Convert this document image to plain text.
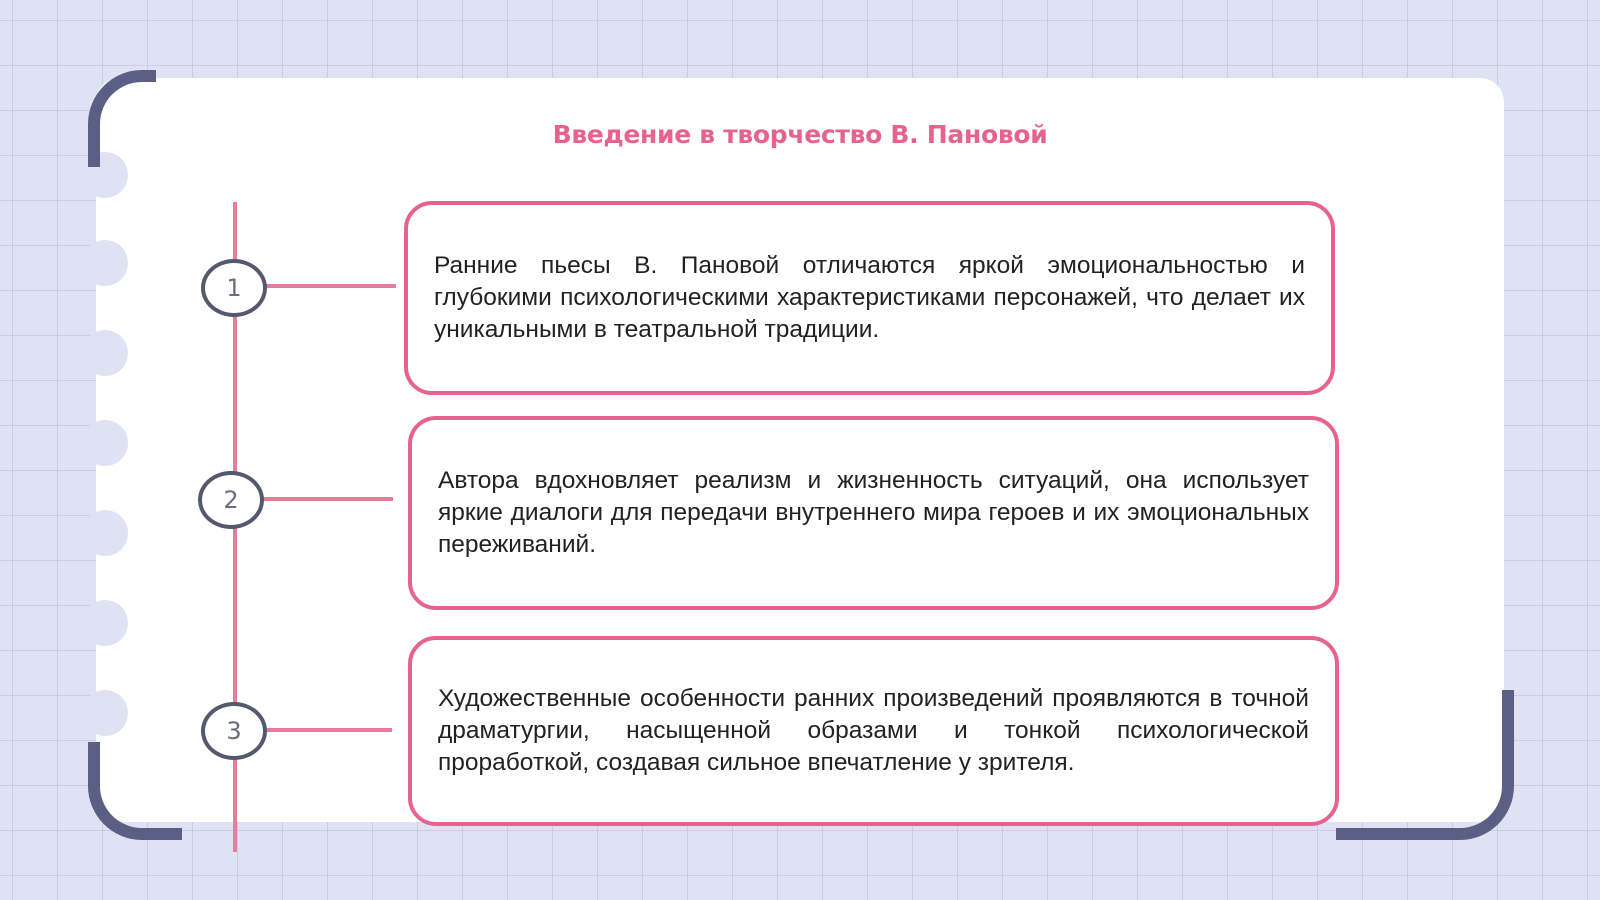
Введение в творчество В. Пановой
1
2
3
Ранние пьесы В. Пановой отличаются яркой эмоциональностью и глубокими психологическими характеристиками персонажей, что делает их уникальными в театральной традиции.
Автора вдохновляет реализм и жизненность ситуаций, она использует яркие диалоги для передачи внутреннего мира героев и их эмоциональных переживаний.
Художественные особенности ранних произведений проявляются в точной драматургии, насыщенной образами и тонкой психологической проработкой, создавая сильное впечатление у зрителя.
